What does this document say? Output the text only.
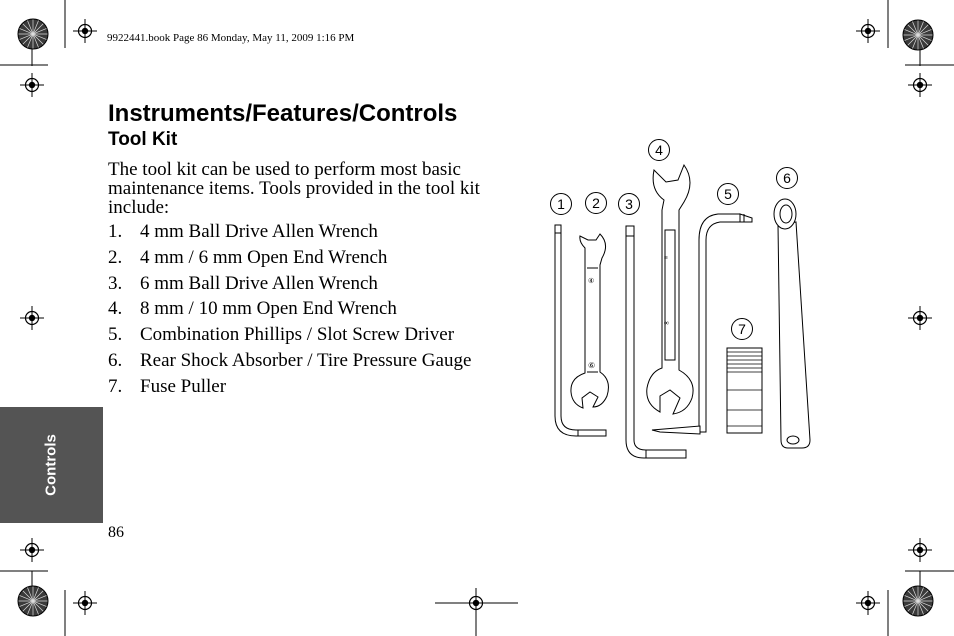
9922441.book Page 86 Monday, May 11, 2009 1:16 PM
Instruments/Features/Controls
Tool Kit

The tool kit can be used to perform most basic maintenance items. Tools provided in the tool kit include:

1. 4 mm Ball Drive Allen Wrench
2. 4 mm / 6 mm Open End Wrench
3. 6 mm Ball Drive Allen Wrench
4. 8 mm / 10 mm Open End Wrench
5. Combination Phillips / Slot Screw Driver
6. Rear Shock Absorber / Tire Pressure Gauge
7. Fuse Puller
Controls
86
④
⑥
≡
∞
1 2 3
4
5
6
7
